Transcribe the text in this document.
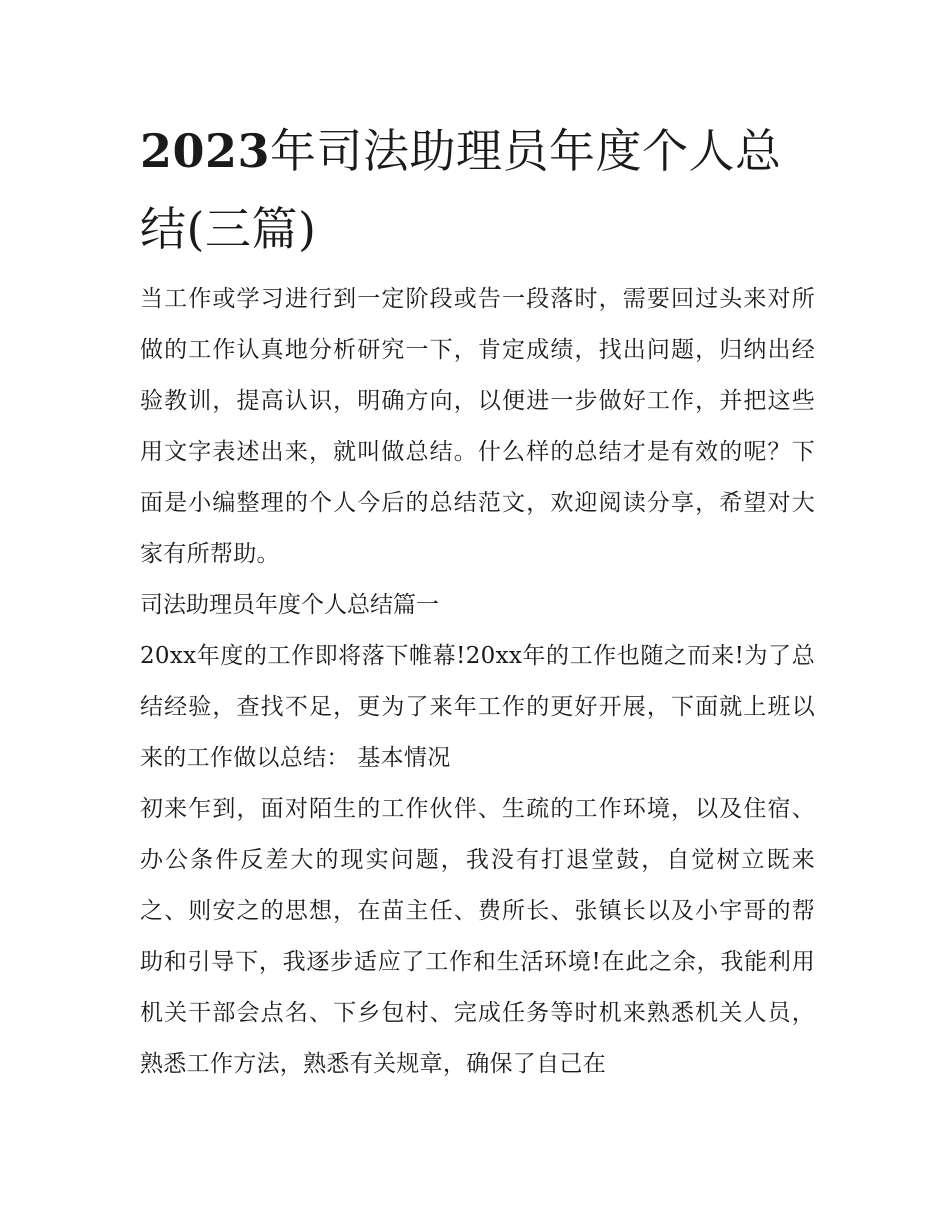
2023年司法助理员年度个人总结(三篇)

当工作或学习进行到一定阶段或告一段落时，需要回过头来对所做的工作认真地分析研究一下，肯定成绩，找出问题，归纳出经验教训，提高认识，明确方向，以便进一步做好工作，并把这些用文字表述出来，就叫做总结。什么样的总结才是有效的呢？下面是小编整理的个人今后的总结范文，欢迎阅读分享，希望对大家有所帮助。

司法助理员年度个人总结篇一

20xx年度的工作即将落下帷幕!20xx年的工作也随之而来!为了总结经验，查找不足，更为了来年工作的更好开展，下面就上班以来的工作做以总结： 基本情况

初来乍到，面对陌生的工作伙伴、生疏的工作环境，以及住宿、办公条件反差大的现实问题，我没有打退堂鼓，自觉树立既来之、则安之的思想，在苗主任、费所长、张镇长以及小宇哥的帮助和引导下，我逐步适应了工作和生活环境!在此之余，我能利用机关干部会点名、下乡包村、完成任务等时机来熟悉机关人员，熟悉工作方法，熟悉有关规章，确保了自己在
